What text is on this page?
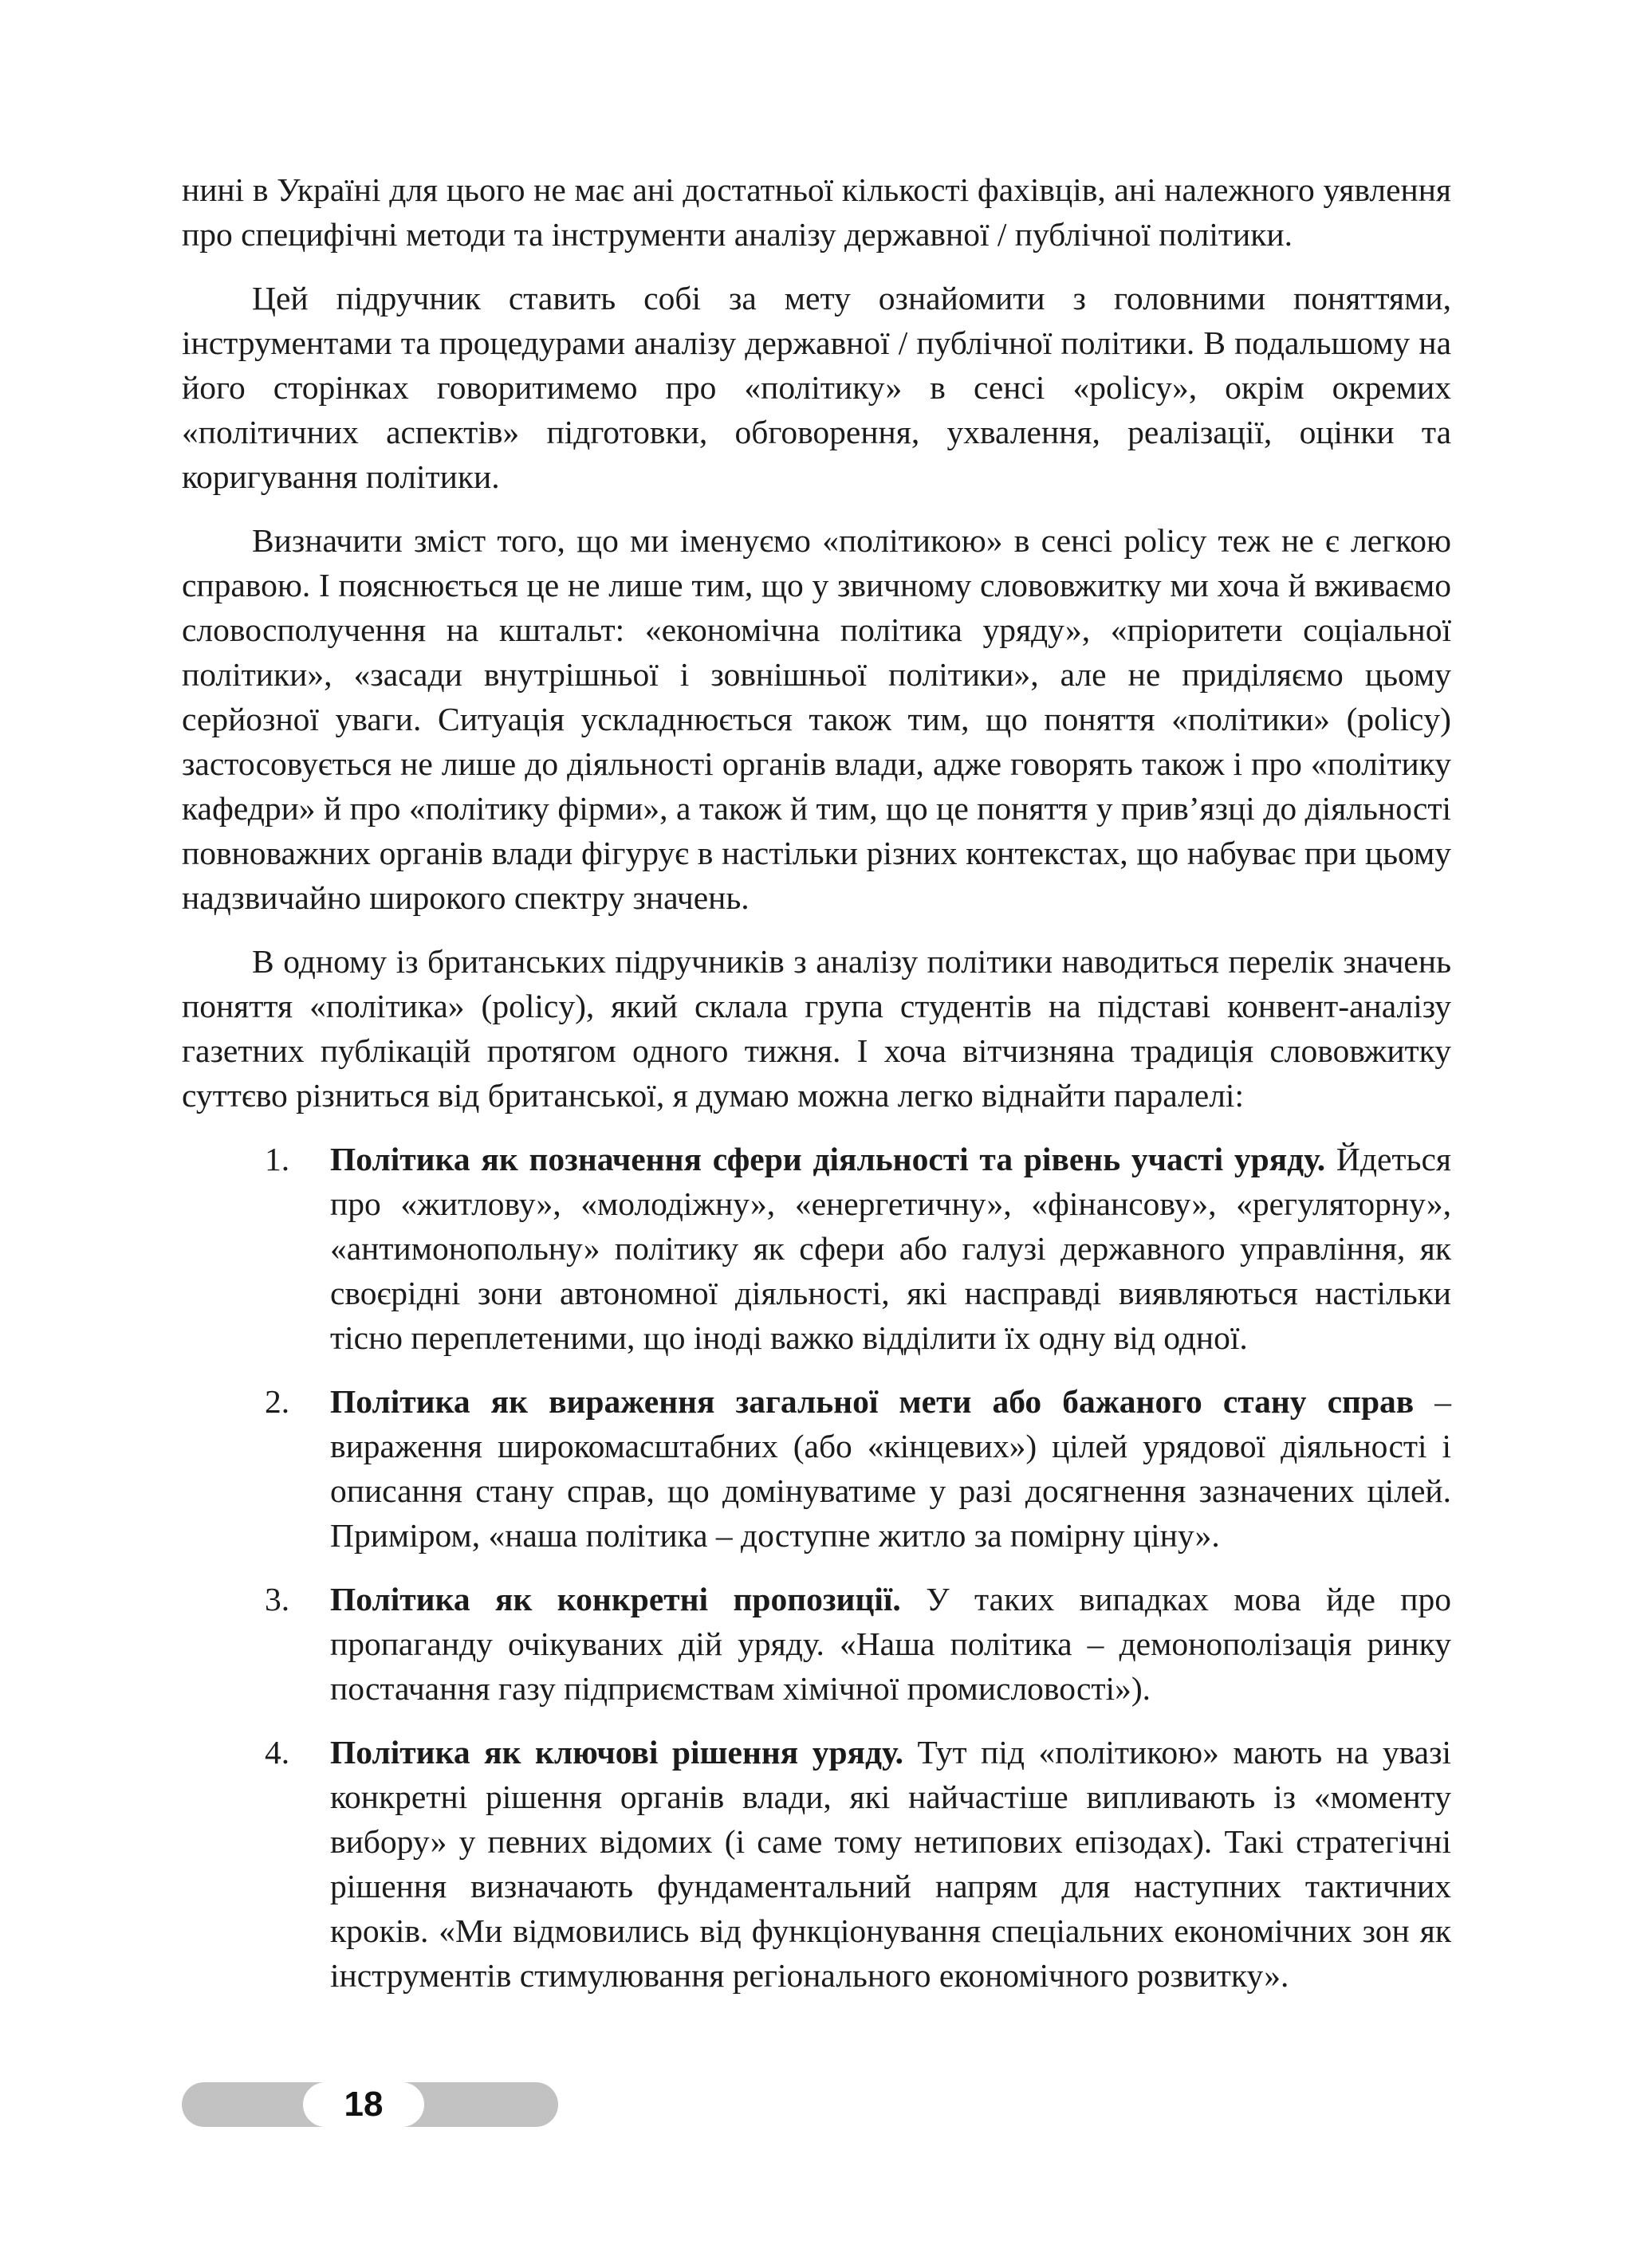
нині в Україні для цього не має ані достатньої кількості фахівців, ані належного уявлення про специфічні методи та інструменти аналізу державної / публічної політики.

Цей підручник ставить собі за мету ознайомити з головними поняттями, інструментами та процедурами аналізу державної / публічної політики. В подальшому на його сторінках говоритимемо про «політику» в сенсі «policy», окрім окремих «політичних аспектів» підготовки, обговорення, ухвалення, реалізації, оцінки та коригування політики.

Визначити зміст того, що ми іменуємо «політикою» в сенсі policy теж не є легкою справою. І пояснюється це не лише тим, що у звичному слововжитку ми хоча й вживаємо словосполучення на кштальт: «економічна політика уряду», «пріоритети соціальної політики», «засади внутрішньої і зовнішньої політики», але не приділяємо цьому серйозної уваги. Ситуація ускладнюється також тим, що поняття «політики» (policy) застосовується не лише до діяльності органів влади, адже говорять також і про «політику кафедри» й про «політику фірми», а також й тим, що це поняття у прив’язці до діяльності повноважних органів влади фігурує в настільки різних контекстах, що набуває при цьому надзвичайно широкого спектру значень.

В одному із британських підручників з аналізу політики наводиться перелік значень поняття «політика» (policy), який склала група студентів на підставі конвент-аналізу газетних публікацій протягом одного тижня. І хоча вітчизняна традиція слововжитку суттєво різниться від британської, я думаю можна легко віднайти паралелі:

1. Політика як позначення сфери діяльності та рівень участі уряду. Йдеться про «житлову», «молодіжну», «енергетичну», «фінансову», «регуляторну», «антимонопольну» політику як сфери або галузі державного управління, як своєрідні зони автономної діяльності, які насправді виявляються настільки тісно переплетеними, що іноді важко відділити їх одну від одної.
2. Політика як вираження загальної мети або бажаного стану справ – вираження широкомасштабних (або «кінцевих») цілей урядової діяльності і описання стану справ, що домінуватиме у разі досягнення зазначених цілей. Приміром, «наша політика – доступне житло за помірну ціну».
3. Політика як конкретні пропозиції. У таких випадках мова йде про пропаганду очікуваних дій уряду. «Наша політика – демонополізація ринку постачання газу підприємствам хімічної промисловості»).
4. Політика як ключові рішення уряду. Тут під «політикою» мають на увазі конкретні рішення органів влади, які найчастіше випливають із «моменту вибору» у певних відомих (і саме тому нетипових епізодах). Такі стратегічні рішення визначають фундаментальний напрям для наступних тактичних кроків. «Ми відмовились від функціонування спеціальних економічних зон як інструментів стимулювання регіонального економічного розвитку».
18
